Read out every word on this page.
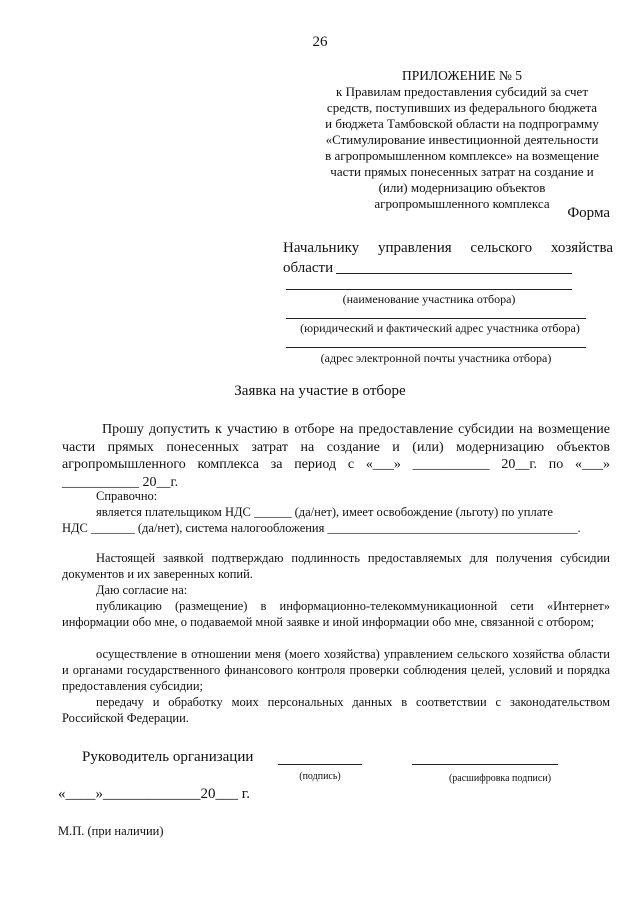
26
ПРИЛОЖЕНИЕ № 5
к Правилам предоставления субсидий за счет
средств, поступивших из федерального бюджета
и бюджета Тамбовской области на подпрограмму
«Стимулирование инвестиционной деятельности
в агропромышленном комплексе» на возмещение
части прямых понесенных затрат на создание и
(или) модернизацию объектов
агропромышленного комплекса
Форма
Начальнику управления сельского хозяйства
области
(наименование участника отбора)
(юридический и фактический адрес участника отбора)
(адрес электронной почты участника отбора)
Заявка на участие в отборе
Прошу допустить к участию в отборе на предоставление субсидии на возмещение части прямых понесенных затрат на создание и (или) модернизацию объектов агропромышленного комплекса за период с «___» ___________ 20__г. по «___» ___________ 20__г.
Справочно:
является плательщиком НДС ______ (да/нет), имеет освобождение (льготу) по уплате
НДС _______ (да/нет), система налогообложения ________________________________________.
Настоящей заявкой подтверждаю подлинность предоставляемых для получения субсидии документов и их заверенных копий.
Даю согласие на:
публикацию (размещение) в информационно-телекоммуникационной сети «Интернет» информации обо мне, о подаваемой мной заявке и иной информации обо мне, связанной с отбором;
осуществление в отношении меня (моего хозяйства) управлением сельского хозяйства области и органами государственного финансового контроля проверки соблюдения целей, условий и порядка предоставления субсидии;
передачу и обработку моих персональных данных в соответствии с законодательством Российской Федерации.
Руководитель организации
(подпись)	(расшифровка подписи)
«____»_____________20___ г.
М.П. (при наличии)
